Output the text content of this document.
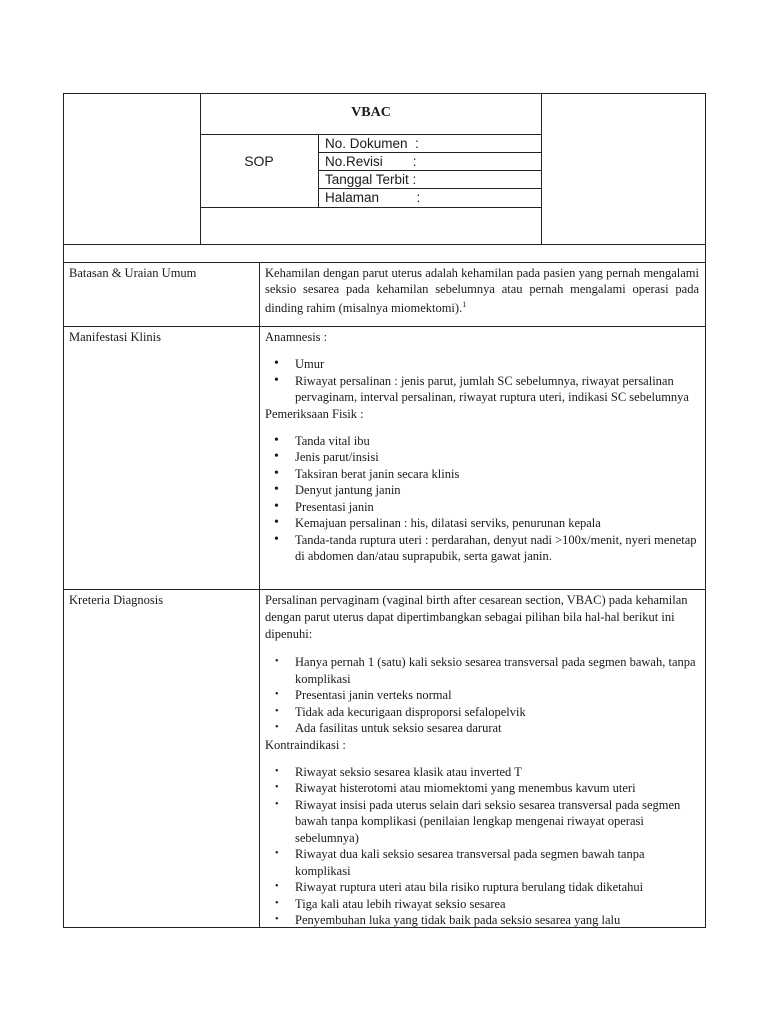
VBAC
SOP
No. Dokumen  :
No.Revisi        :
Tanggal Terbit :
Halaman          :
Batasan & Uraian Umum	Kehamilan dengan parut uterus adalah kehamilan pada pasien yang pernah mengalami seksio sesarea pada kehamilan sebelumnya atau pernah mengalami operasi pada dinding rahim (misalnya miomektomi).$^1$
Manifestasi Klinis	Anamnesis :
• Umur
• Riwayat persalinan : jenis parut, jumlah SC sebelumnya, riwayat persalinan pervaginam, interval persalinan, riwayat ruptura uteri, indikasi SC sebelumnya
Pemeriksaan Fisik :
• Tanda vital ibu
• Jenis parut/insisi
• Taksiran berat janin secara klinis
• Denyut jantung janin
• Presentasi janin
• Kemajuan persalinan : his, dilatasi serviks, penurunan kepala
• Tanda-tanda ruptura uteri : perdarahan, denyut nadi >100x/menit, nyeri menetap di abdomen dan/atau suprapubik, serta gawat janin.
Kreteria Diagnosis	Persalinan pervaginam (vaginal birth after cesarean section, VBAC) pada kehamilan dengan parut uterus dapat dipertimbangkan sebagai pilihan bila hal-hal berikut ini dipenuhi:
• Hanya pernah 1 (satu) kali seksio sesarea transversal pada segmen bawah, tanpa komplikasi
• Presentasi janin verteks normal
• Tidak ada kecurigaan disproporsi sefalopelvik
• Ada fasilitas untuk seksio sesarea darurat
Kontraindikasi :
• Riwayat seksio sesarea klasik atau inverted T
• Riwayat histerotomi atau miomektomi yang menembus kavum uteri
• Riwayat insisi pada uterus selain dari seksio sesarea transversal pada segmen bawah tanpa komplikasi (penilaian lengkap mengenai riwayat operasi sebelumnya)
• Riwayat dua kali seksio sesarea transversal pada segmen bawah tanpa komplikasi
• Riwayat ruptura uteri atau bila risiko ruptura berulang tidak diketahui
• Tiga kali atau lebih riwayat seksio sesarea
• Penyembuhan luka yang tidak baik pada seksio sesarea yang lalu
